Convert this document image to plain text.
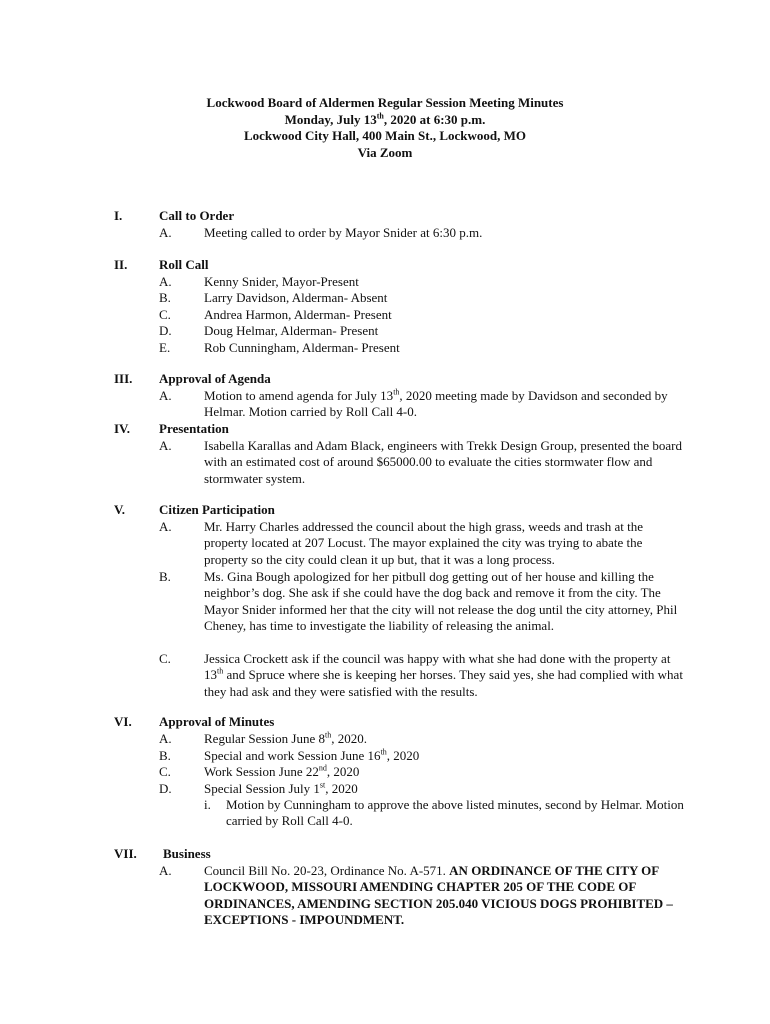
Lockwood Board of Aldermen Regular Session Meeting Minutes
Monday, July 13th, 2020 at 6:30 p.m.
Lockwood City Hall, 400 Main St., Lockwood, MO
Via Zoom
I.	Call to Order
A. Meeting called to order by Mayor Snider at 6:30 p.m.
II. Roll Call
A. Kenny Snider, Mayor-Present
B.	Larry Davidson, Alderman- Absent
C.	Andrea Harmon, Alderman- Present
D. Doug Helmar, Alderman- Present
E.	Rob Cunningham, Alderman- Present
III. Approval of Agenda
A. Motion to amend agenda for July 13th, 2020 meeting made by Davidson and seconded by Helmar. Motion carried by Roll Call 4-0.
IV. Presentation
A. Isabella Karallas and Adam Black, engineers with Trekk Design Group, presented the board with an estimated cost of around $65000.00 to evaluate the cities stormwater flow and stormwater system.
V.	Citizen Participation
A. Mr. Harry Charles addressed the council about the high grass, weeds and trash at the property located at 207 Locust. The mayor explained the city was trying to abate the property so the city could clean it up but, that it was a long process.
B.	Ms. Gina Bough apologized for her pitbull dog getting out of her house and killing the neighbor’s dog. She ask if she could have the dog back and remove it from the city. The Mayor Snider informed her that the city will not release the dog until the city attorney, Phil Cheney, has time to investigate the liability of releasing the animal.
C.	Jessica Crockett ask if the council was happy with what she had done with the property at 13th and Spruce where she is keeping her horses. They said yes, she had complied with what they had ask and they were satisfied with the results.
VI. Approval of Minutes
A. Regular Session June 8th, 2020.
B.	Special and work Session June 16th, 2020
C.	Work Session June 22nd, 2020
D. Special Session July 1st, 2020
i. Motion by Cunningham to approve the above listed minutes, second by Helmar. Motion carried by Roll Call 4-0.
VII. Business
A. Council Bill No. 20-23, Ordinance No. A-571. AN ORDINANCE OF THE CITY OF LOCKWOOD, MISSOURI AMENDING CHAPTER 205 OF THE CODE OF ORDINANCES, AMENDING SECTION 205.040 VICIOUS DOGS PROHIBITED – EXCEPTIONS - IMPOUNDMENT.
